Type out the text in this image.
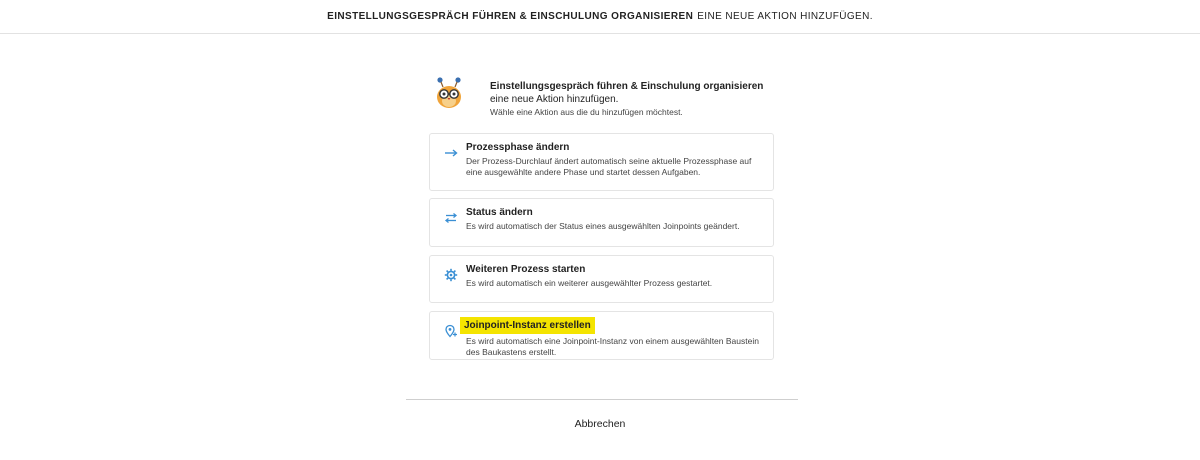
EINSTELLUNGSGESPRÄCH FÜHREN & EINSCHULUNG ORGANISIEREN EINE NEUE AKTION HINZUFÜGEN.
Einstellungsgespräch führen & Einschulung organisieren eine neue Aktion hinzufügen.
Wähle eine Aktion aus die du hinzufügen möchtest.
Prozessphase ändern
Der Prozess-Durchlauf ändert automatisch seine aktuelle Prozessphase auf eine ausgewählte andere Phase und startet dessen Aufgaben.
Status ändern
Es wird automatisch der Status eines ausgewählten Joinpoints geändert.
Weiteren Prozess starten
Es wird automatisch ein weiterer ausgewählter Prozess gestartet.
Joinpoint-Instanz erstellen
Es wird automatisch eine Joinpoint-Instanz von einem ausgewählten Baustein des Baukastens erstellt.
Abbrechen
